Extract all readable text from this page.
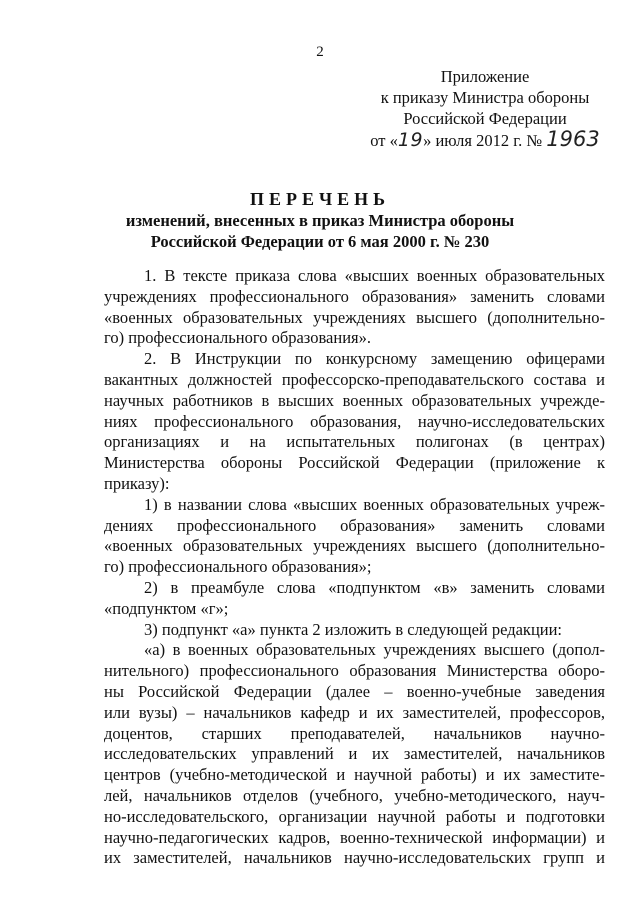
2
Приложение
к приказу Министра обороны
Российской Федерации
от «19» июля 2012 г. № 1963
ПЕРЕЧЕНЬ
изменений, внесенных в приказ Министра обороны
Российской Федерации от 6 мая 2000 г. № 230
1. В тексте приказа слова «высших военных образовательных
учреждениях профессионального образования» заменить словами
«военных образовательных учреждениях высшего (дополнительно-
го) профессионального образования».
2. В Инструкции по конкурсному замещению офицерами
вакантных должностей профессорско-преподавательского состава и
научных работников в высших военных образовательных учрежде-
ниях профессионального образования, научно-исследовательских
организациях и на испытательных полигонах (в центрах)
Министерства обороны Российской Федерации (приложение к
приказу):
1) в названии слова «высших военных образовательных учреж-
дениях профессионального образования» заменить словами
«военных образовательных учреждениях высшего (дополнительно-
го) профессионального образования»;
2) в преамбуле слова «подпунктом «в» заменить словами
«подпунктом «г»;
3) подпункт «а» пункта 2 изложить в следующей редакции:
«а) в военных образовательных учреждениях высшего (допол-
нительного) профессионального образования Министерства оборо-
ны Российской Федерации (далее – военно-учебные заведения
или вузы) – начальников кафедр и их заместителей, профессоров,
доцентов, старших преподавателей, начальников научно-
исследовательских управлений и их заместителей, начальников
центров (учебно-методической и научной работы) и их заместите-
лей, начальников отделов (учебного, учебно-методического, науч-
но-исследовательского, организации научной работы и подготовки
научно-педагогических кадров, военно-технической информации) и
их заместителей, начальников научно-исследовательских групп и
